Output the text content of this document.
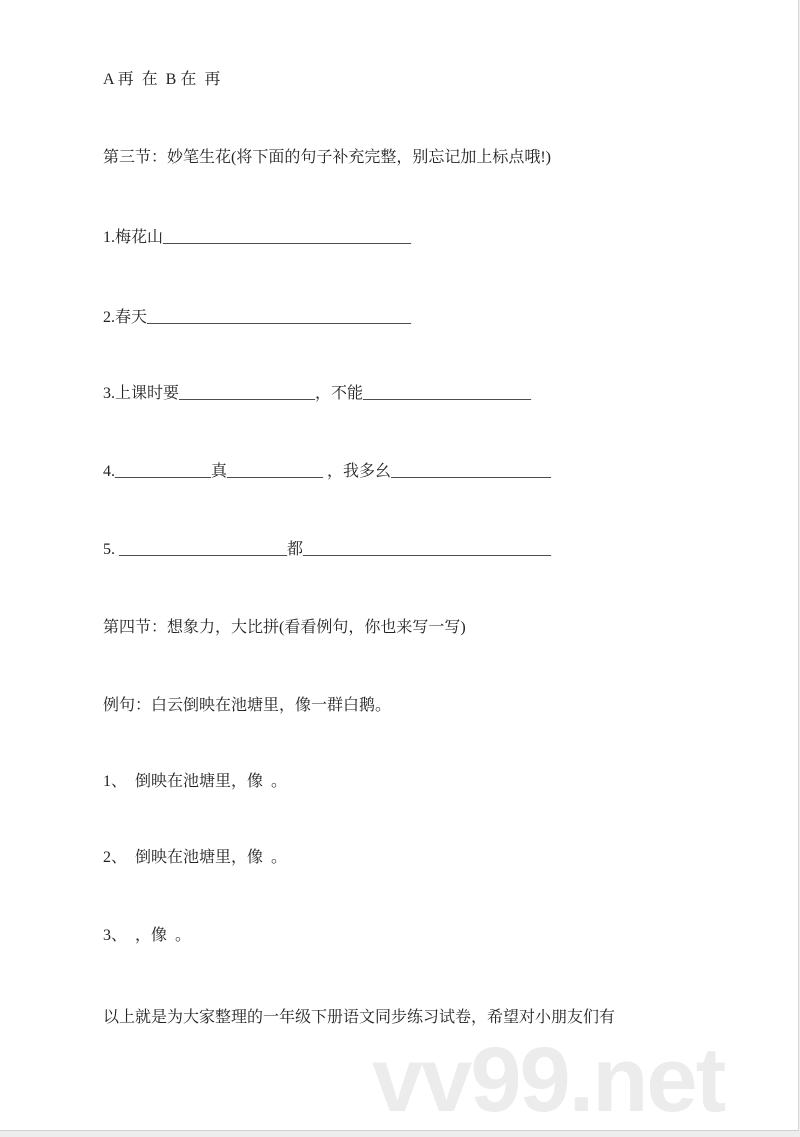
A 再  在  B 在  再
第三节：妙笔生花(将下面的句子补充完整，别忘记加上标点哦!)
1.梅花山_______________________________
2.春天_________________________________
3.上课时要_________________，不能_____________________
4.____________真____________ ，我多幺____________________
5. _____________________都_______________________________
第四节：想象力，大比拼(看看例句，你也来写一写)
例句：白云倒映在池塘里，像一群白鹅。
1、  倒映在池塘里，像  。
2、  倒映在池塘里，像  。
3、  ，像  。
以上就是为大家整理的一年级下册语文同步练习试卷，希望对小朋友们有
vv99.net
